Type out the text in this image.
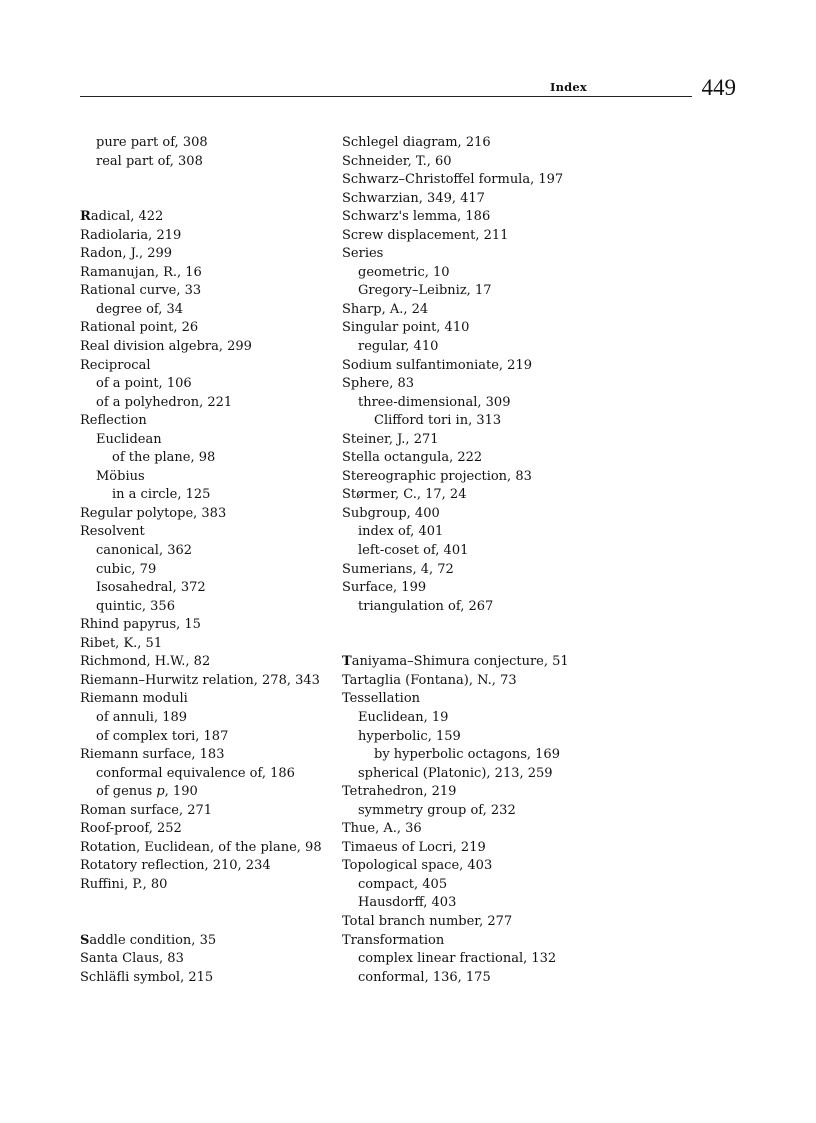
Index	449
pure part of, 308
real part of, 308
Radical, 422
Radiolaria, 219
Radon, J., 299
Ramanujan, R., 16
Rational curve, 33
degree of, 34
Rational point, 26
Real division algebra, 299
Reciprocal
of a point, 106
of a polyhedron, 221
Reflection
Euclidean
of the plane, 98
Möbius
in a circle, 125
Regular polytope, 383
Resolvent
canonical, 362
cubic, 79
Isosahedral, 372
quintic, 356
Rhind papyrus, 15
Ribet, K., 51
Richmond, H.W., 82
Riemann–Hurwitz relation, 278, 343
Riemann moduli
of annuli, 189
of complex tori, 187
Riemann surface, 183
conformal equivalence of, 186
of genus p, 190
Roman surface, 271
Roof-proof, 252
Rotation, Euclidean, of the plane, 98
Rotatory reflection, 210, 234
Ruffini, P., 80
Saddle condition, 35
Santa Claus, 83
Schläfli symbol, 215
Schlegel diagram, 216
Schneider, T., 60
Schwarz–Christoffel formula, 197
Schwarzian, 349, 417
Schwarz's lemma, 186
Screw displacement, 211
Series
geometric, 10
Gregory–Leibniz, 17
Sharp, A., 24
Singular point, 410
regular, 410
Sodium sulfantimoniate, 219
Sphere, 83
three-dimensional, 309
Clifford tori in, 313
Steiner, J., 271
Stella octangula, 222
Stereographic projection, 83
Størmer, C., 17, 24
Subgroup, 400
index of, 401
left-coset of, 401
Sumerians, 4, 72
Surface, 199
triangulation of, 267
Taniyama–Shimura conjecture, 51
Tartaglia (Fontana), N., 73
Tessellation
Euclidean, 19
hyperbolic, 159
by hyperbolic octagons, 169
spherical (Platonic), 213, 259
Tetrahedron, 219
symmetry group of, 232
Thue, A., 36
Timaeus of Locri, 219
Topological space, 403
compact, 405
Hausdorff, 403
Total branch number, 277
Transformation
complex linear fractional, 132
conformal, 136, 175
